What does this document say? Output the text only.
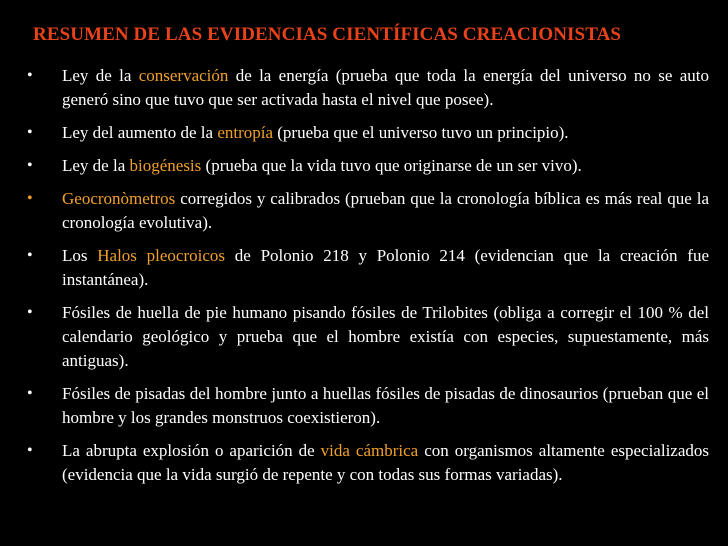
RESUMEN DE LAS EVIDENCIAS CIENTÍFICAS CREACIONISTAS
• Ley de la conservación de la energía (prueba que toda la energía del universo no se auto generó sino que tuvo que ser activada hasta el nivel que posee).
• Ley del aumento de la entropía (prueba que el universo tuvo un principio).
• Ley de la biogénesis (prueba que la vida tuvo que originarse de un ser vivo).
• Geocronòmetros corregidos y calibrados (prueban que la cronología bíblica es más real que la cronología evolutiva).
• Los Halos pleocroicos de Polonio 218 y Polonio 214 (evidencian que la creación fue instantánea).
• Fósiles de huella de pie humano pisando fósiles de Trilobites (obliga a corregir el 100 % del calendario geológico y prueba que el hombre existía con especies, supuestamente, más antiguas).
• Fósiles de pisadas del hombre junto a huellas fósiles de pisadas de dinosaurios (prueban que el hombre y los grandes monstruos coexistieron).
• La abrupta explosión o aparición de vida cámbrica con organismos altamente especializados (evidencia que la vida surgió de repente y con todas sus formas variadas).
